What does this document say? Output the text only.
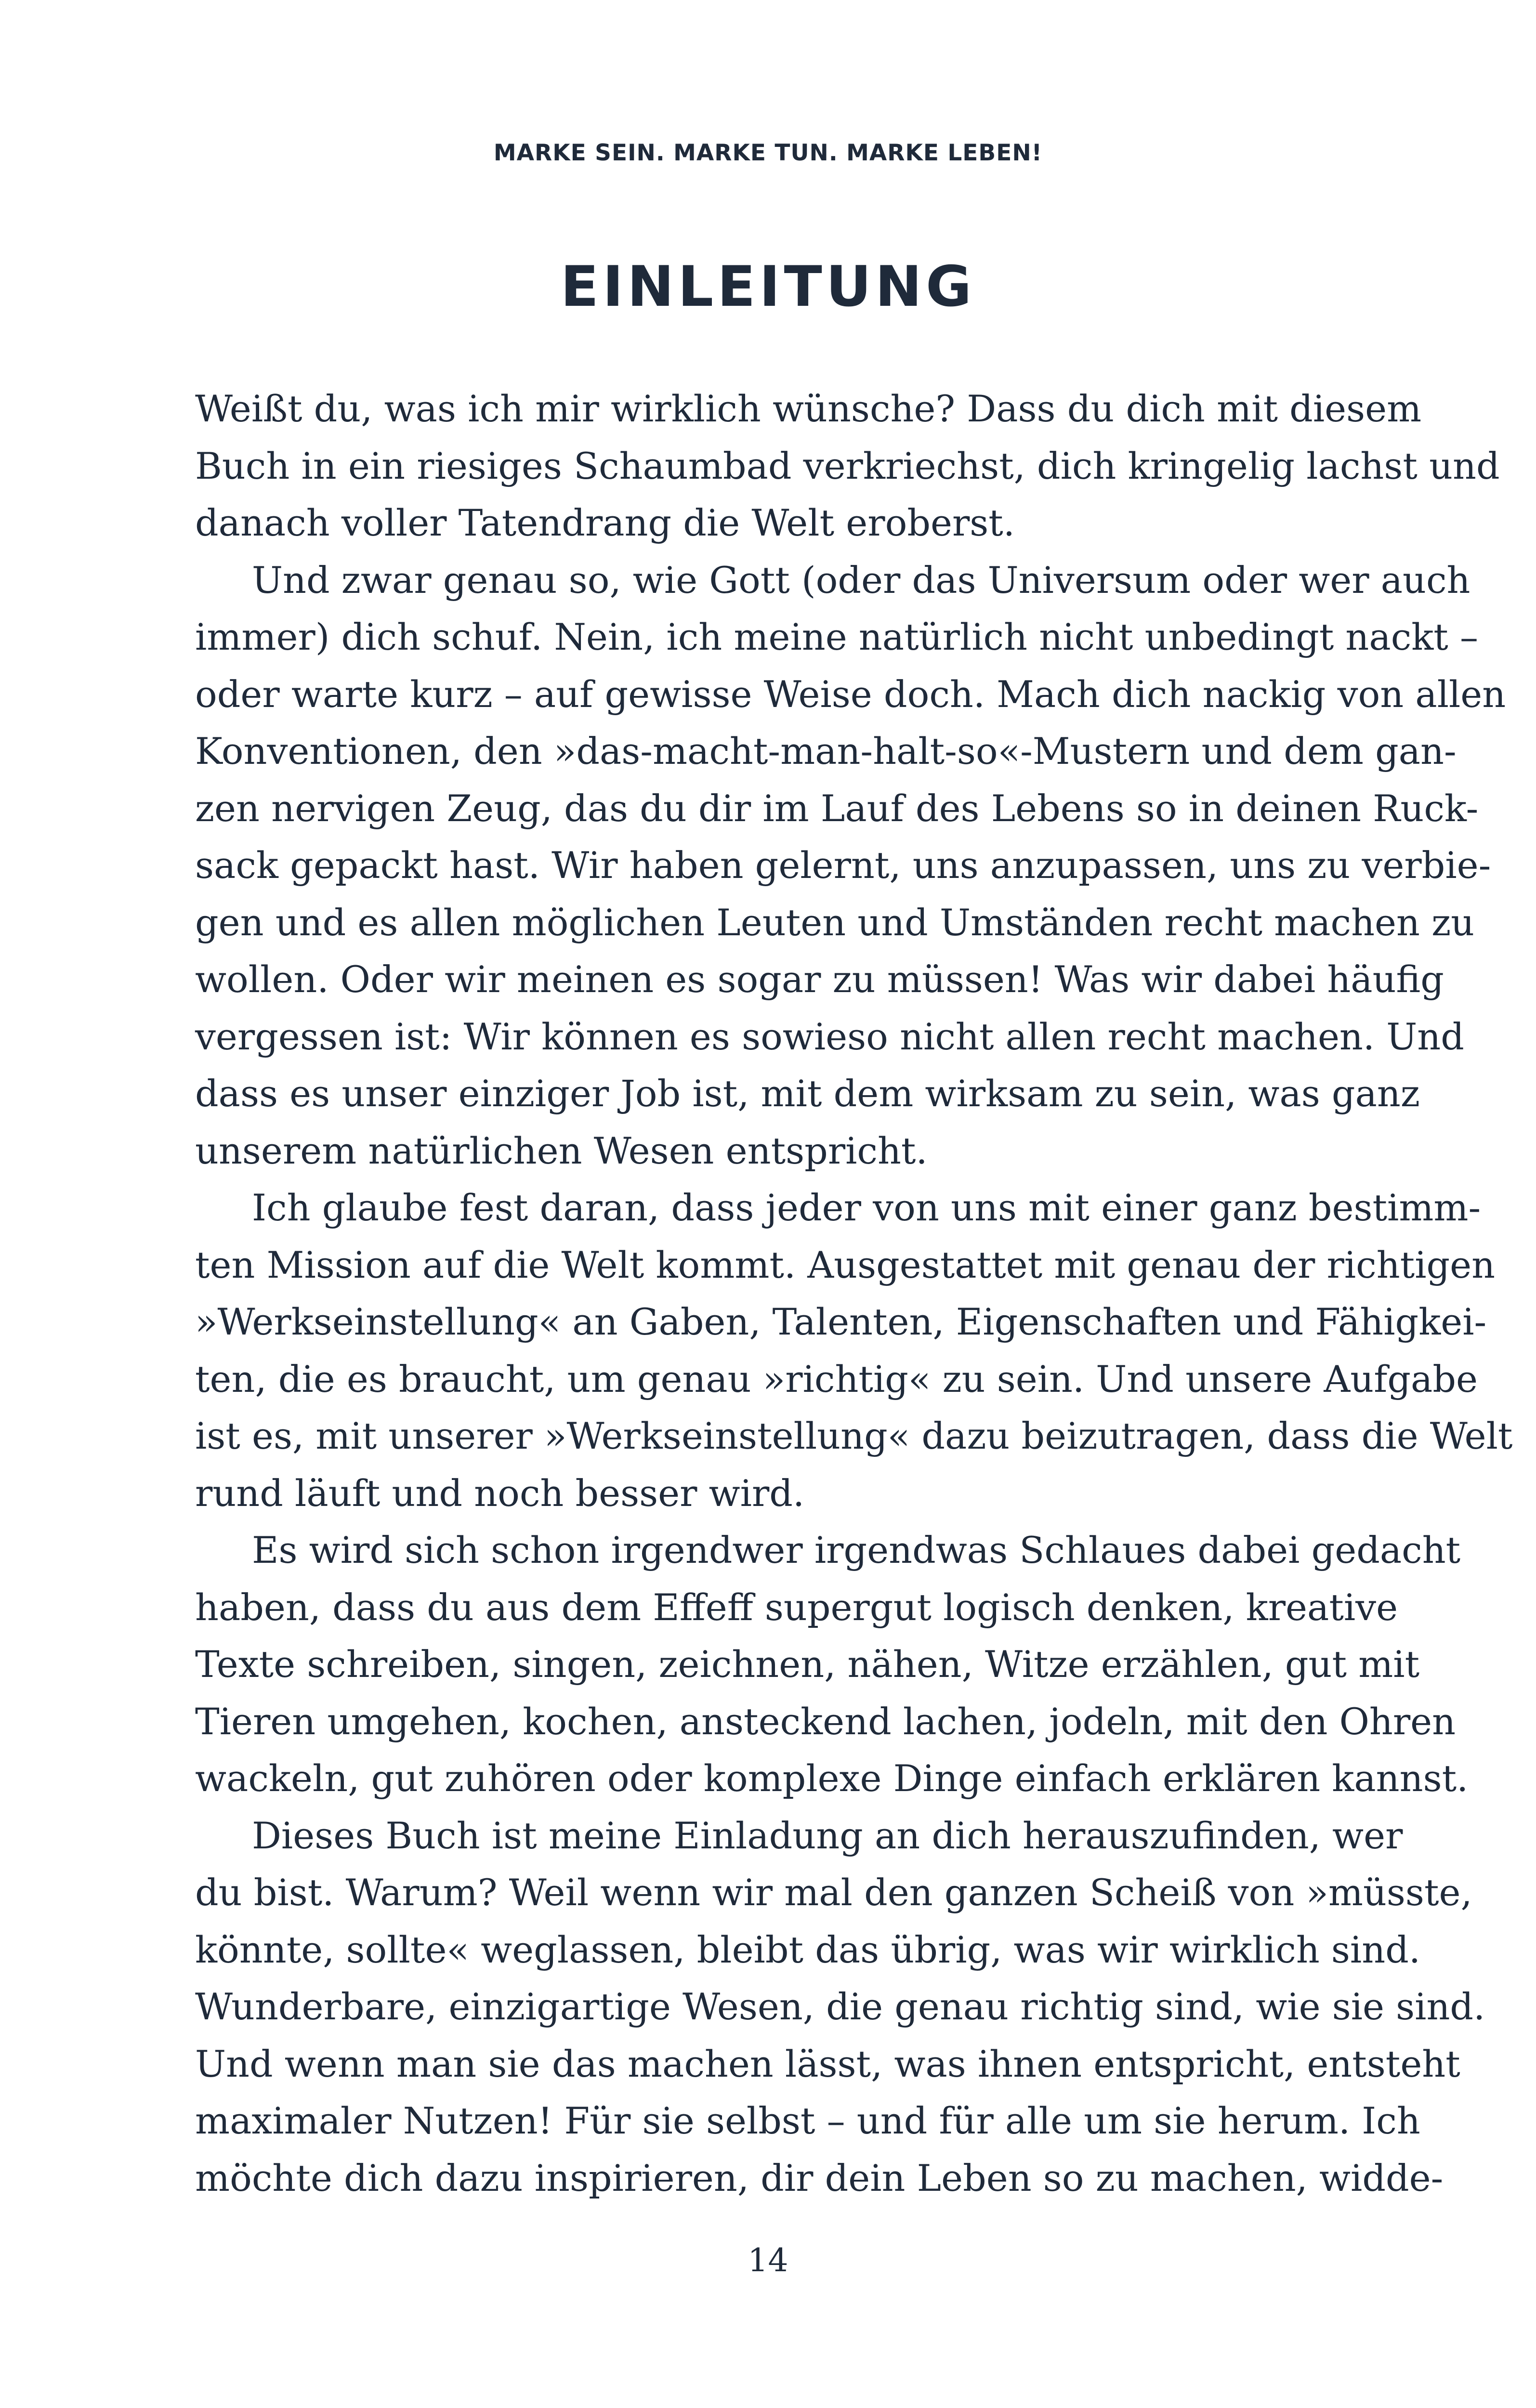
MARKE SEIN. MARKE TUN. MARKE LEBEN!
EINLEITUNG
Weißt du, was ich mir wirklich wünsche? Dass du dich mit diesem
Buch in ein riesiges Schaumbad verkriechst, dich kringelig lachst und
danach voller Tatendrang die Welt eroberst.
Und zwar genau so, wie Gott (oder das Universum oder wer auch
immer) dich schuf. Nein, ich meine natürlich nicht unbedingt nackt –
oder warte kurz – auf gewisse Weise doch. Mach dich nackig von allen
Konventionen, den »das-macht-man-halt-so«-Mustern und dem gan-
zen nervigen Zeug, das du dir im Lauf des Lebens so in deinen Ruck-
sack gepackt hast. Wir haben gelernt, uns anzupassen, uns zu verbie-
gen und es allen möglichen Leuten und Umständen recht machen zu
wollen. Oder wir meinen es sogar zu müssen! Was wir dabei häufig
vergessen ist: Wir können es sowieso nicht allen recht machen. Und
dass es unser einziger Job ist, mit dem wirksam zu sein, was ganz
unserem natürlichen Wesen entspricht.
Ich glaube fest daran, dass jeder von uns mit einer ganz bestimm-
ten Mission auf die Welt kommt. Ausgestattet mit genau der richtigen
»Werkseinstellung« an Gaben, Talenten, Eigenschaften und Fähigkei-
ten, die es braucht, um genau »richtig« zu sein. Und unsere Aufgabe
ist es, mit unserer »Werkseinstellung« dazu beizutragen, dass die Welt
rund läuft und noch besser wird.
Es wird sich schon irgendwer irgendwas Schlaues dabei gedacht
haben, dass du aus dem Effeff supergut logisch denken, kreative
Texte schreiben, singen, zeichnen, nähen, Witze erzählen, gut mit
Tieren umgehen, kochen, ansteckend lachen, jodeln, mit den Ohren
wackeln, gut zuhören oder komplexe Dinge einfach erklären kannst.
Dieses Buch ist meine Einladung an dich herauszufinden, wer
du bist. Warum? Weil wenn wir mal den ganzen Scheiß von »müsste,
könnte, sollte« weglassen, bleibt das übrig, was wir wirklich sind.
Wunderbare, einzigartige Wesen, die genau richtig sind, wie sie sind.
Und wenn man sie das machen lässt, was ihnen entspricht, entsteht
maximaler Nutzen! Für sie selbst – und für alle um sie herum. Ich
möchte dich dazu inspirieren, dir dein Leben so zu machen, widde-
14
